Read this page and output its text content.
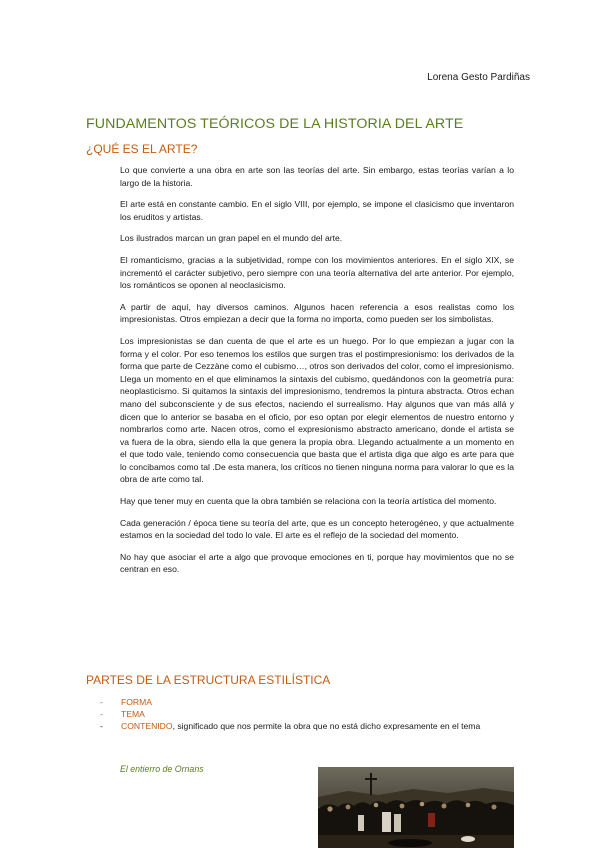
Lorena Gesto Pardiñas
FUNDAMENTOS TEÓRICOS DE LA HISTORIA DEL ARTE
¿QUÉ ES EL ARTE?

Lo que convierte a una obra en arte son las teorías del arte. Sin embargo, estas teorías varían a lo largo de la historia.

El arte está en constante cambio. En el siglo VIII, por ejemplo, se impone el clasicismo que inventaron los eruditos y artistas.

Los ilustrados marcan un gran papel en el mundo del arte.

El romanticismo, gracias a la subjetividad, rompe con los movimientos anteriores. En el siglo XIX, se incrementó el carácter subjetivo, pero siempre con una teoría alternativa del arte anterior. Por ejemplo, los románticos se oponen al neoclasicismo.

A partir de aquí, hay diversos caminos. Algunos hacen referencia a esos realistas como los impresionistas. Otros empiezan a decir que la forma no importa, como pueden ser los simbolistas.

Los impresionistas se dan cuenta de que el arte es un huego. Por lo que empiezan a jugar con la forma y el color. Por eso tenemos los estilos que surgen tras el postimpresionismo: los derivados de la forma que parte de Cezzàne como el cubismo…, otros son derivados del color, como el impresionismo. Llega un momento en el que eliminamos la sintaxis del cubismo, quedándonos con la geometría pura: neoplasticismo. Si quitamos la sintaxis del impresionismo, tendremos la pintura abstracta. Otros echan mano del subconsciente y de sus efectos, naciendo el surrealismo. Hay algunos que van más allá y dicen que lo anterior se basaba en el oficio, por eso optan por elegir elementos de nuestro entorno y nombrarlos como arte. Nacen otros, como el expresionismo abstracto americano, donde el artista se va fuera de la obra, siendo ella la que genera la propia obra. Llegando actualmente a un momento en el que todo vale, teniendo como consecuencia que basta que el artista diga que algo es arte para que lo concibamos como tal .De esta manera, los críticos no tienen ninguna norma para valorar lo que es la obra de arte como tal.

Hay que tener muy en cuenta que la obra también se relaciona con la teoría artística del momento.

Cada generación / época tiene su teoría del arte, que es un concepto heterogéneo, y que actualmente estamos en la sociedad del todo lo vale. El arte es el reflejo de la sociedad del momento.

No hay que asociar el arte a algo que provoque emociones en ti, porque hay movimientos que no se centran en eso.

PARTES DE LA ESTRUCTURA ESTILÍSTICA
- FORMA
- TEMA
- CONTENIDO, significado que nos permite la obra que no está dicho expresamente en el tema
El entierro de Ornans
